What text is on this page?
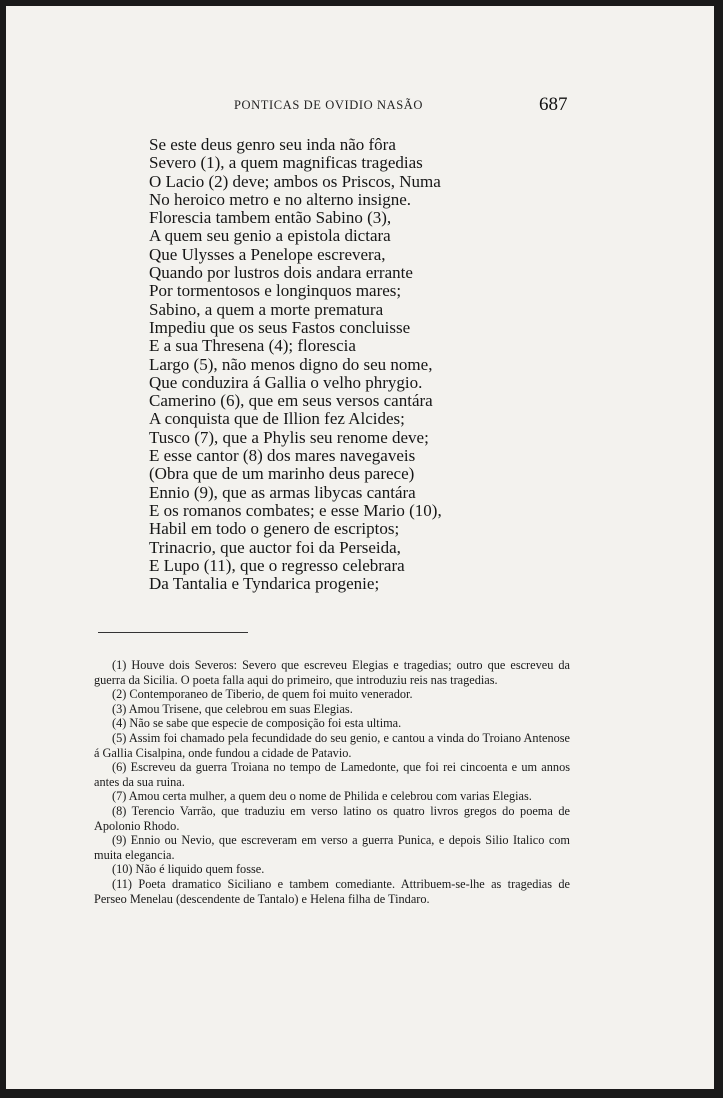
PONTICAS DE OVIDIO NASÃO	687
Se este deus genro seu inda não fôra
Severo (1), a quem magnificas tragedias
O Lacio (2) deve; ambos os Priscos, Numa
No heroico metro e no alterno insigne.
Floresciа tambem então Sabino (3),
A quem seu genio a epistola dictara
Que Ulysses a Penelope escrevera,
Quando por lustros dois andara errante
Por tormentosos e longinquos mares;
Sabino, a quem a morte prematura
Impediu que os seus Fastos concluisse
E a sua Thresena (4); florescia
Largo (5), não menos digno do seu nome,
Que conduzira á Gallia o velho phrygio.
Camerino (6), que em seus versos cantára
A conquista que de Illion fez Alcides;
Tusco (7), que a Phylis seu renome deve;
E esse cantor (8) dos mares navegaveis
(Obra que de um marinho deus parece)
Ennio (9), que as armas libycas cantára
E os romanos combates; e esse Mario (10),
Habil em todo o genero de escriptos;
Trinacrio, que auctor foi da Perseida,
E Lupo (11), que o regresso celebrara
Da Tantalia e Tyndarica progenie;

(1) Houve dois Severos: Severo que escreveu Elegias e tragedias; outro que escreveu da guerra da Sicilia. O poeta falla aqui do primeiro, que introduziu reis nas tragedias.

(2) Contemporaneo de Tiberio, de quem foi muito venerador.

(3) Amou Trisene, que celebrou em suas Elegias.

(4) Não se sabe que especie de composição foi esta ultima.

(5) Assim foi chamado pela fecundidade do seu genio, e cantou a vinda do Troiano Antenose á Gallia Cisalpina, onde fundou a cidade de Patavio.

(6) Escreveu da guerra Troiana no tempo de Lamedonte, que foi rei cincoenta e um annos antes da sua ruina.

(7) Amou certa mulher, a quem deu o nome de Philida e celebrou com varias Elegias.

(8) Terencio Varrão, que traduziu em verso latino os quatro livros gregos do poema de Apolonio Rhodo.

(9) Ennio ou Nevio, que escreveram em verso a guerra Punica, e depois Silio Italico com muita elegancia.

(10) Não é liquido quem fosse.

(11) Poeta dramatico Siciliano e tambem comediante. Attribuem-se-lhe as tragedias de Perseo Menelau (descendente de Tantalo) e Helena filha de Tindaro.
